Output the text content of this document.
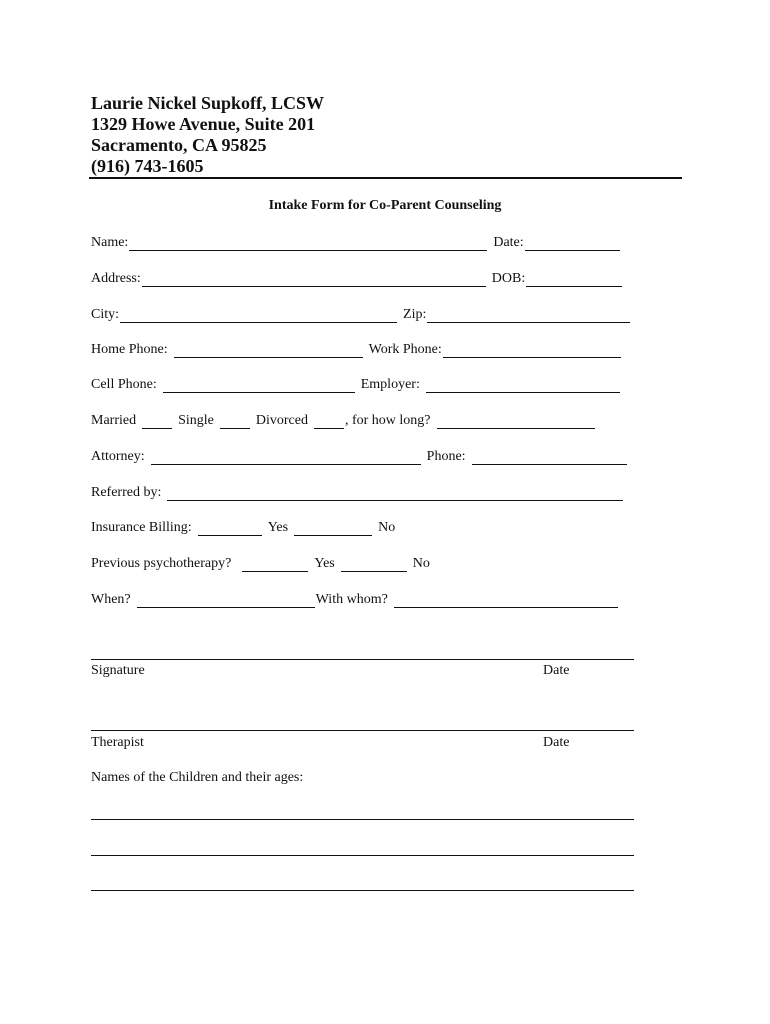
Laurie Nickel Supkoff, LCSW
1329 Howe Avenue, Suite 201
Sacramento, CA 95825
(916) 743-1605
Intake Form for Co-Parent Counseling
Name:	Date:
Address:	DOB:
City:	Zip:
Home Phone:	Work Phone:
Cell Phone:	Employer:
Married	Single	Divorced	, for how long?
Attorney:	Phone:
Referred by:
Insurance Billing:	Yes	No
Previous psychotherapy?	Yes	No
When?	With whom?
Signature	Date
Therapist	Date
Names of the Children and their ages:
